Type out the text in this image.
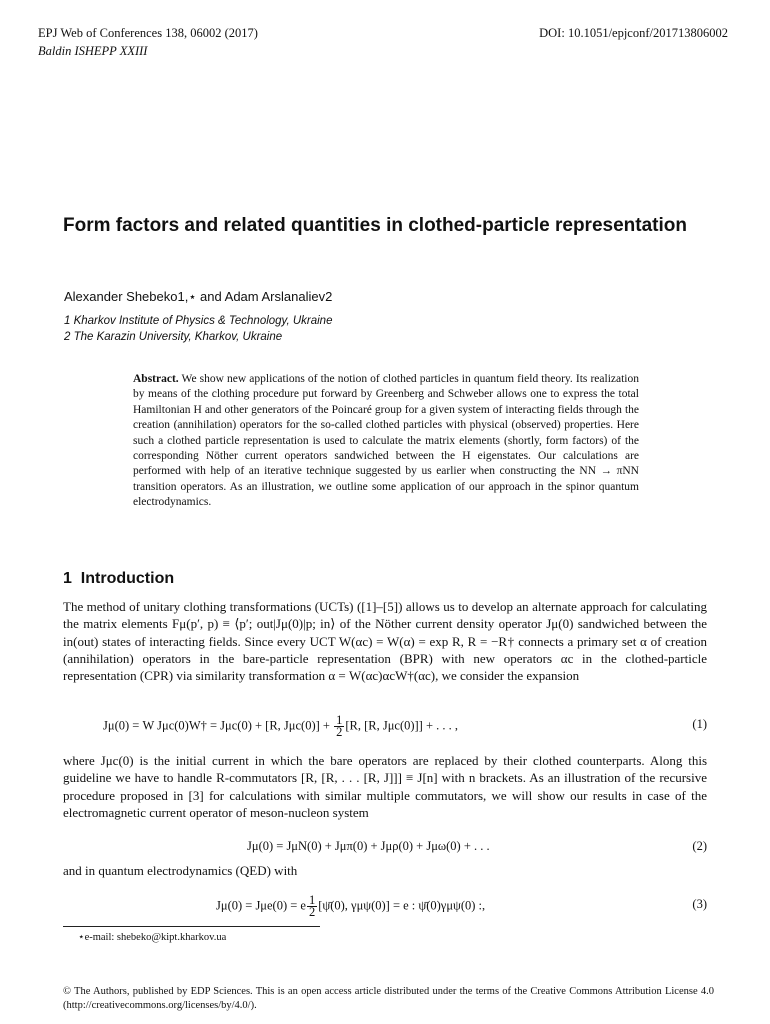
EPJ Web of Conferences 138, 06002 (2017)	DOI: 10.1051/epjconf/201713806002
Baldin ISHEPP XXIII
Form factors and related quantities in clothed-particle representation
Alexander Shebeko1,⋆ and Adam Arslanaliev2
1 Kharkov Institute of Physics & Technology, Ukraine
2 The Karazin University, Kharkov, Ukraine
Abstract. We show new applications of the notion of clothed particles in quantum field theory. Its realization by means of the clothing procedure put forward by Greenberg and Schweber allows one to express the total Hamiltonian H and other generators of the Poincaré group for a given system of interacting fields through the creation (annihilation) operators for the so-called clothed particles with physical (observed) properties. Here such a clothed particle representation is used to calculate the matrix elements (shortly, form factors) of the corresponding Nöther current operators sandwiched between the H eigenstates. Our calculations are performed with help of an iterative technique suggested by us earlier when constructing the NN → πNN transition operators. As an illustration, we outline some application of our approach in the spinor quantum electrodynamics.
1 Introduction
The method of unitary clothing transformations (UCTs) ([1]–[5]) allows us to develop an alternate approach for calculating the matrix elements Fμ(p′, p) ≡ ⟨p′; out|Jμ(0)|p; in⟩ of the Nöther current density operator Jμ(0) sandwiched between the in(out) states of interacting fields. Since every UCT W(αc) = W(α) = exp R, R = −R† connects a primary set α of creation (annihilation) operators in the bare-particle representation (BPR) with new operators αc in the clothed-particle representation (CPR) via similarity transformation α = W(αc)αcW†(αc), we consider the expansion
Jμ(0) = W Jμc(0)W† = Jμc(0) + [R, $J\mu c(0)] + \frac{1}{2} [R$, [R, Jμc(0)]] + . . . ,	(1)
where Jμc(0) is the initial current in which the bare operators are replaced by their clothed counterparts. Along this guideline we have to handle R-commutators [R, [R, . . . [R, J]]] ≡ J[n] with n brackets. As an illustration of the recursive procedure proposed in [3] for calculations with similar multiple commutators, we will show our results in case of the electromagnetic current operator of meson-nucleon system
Jμ(0) = JμN(0) + Jμπ(0) + Jμρ(0) + Jμω(0) + . . .	(2)
and in quantum electrodynamics (QED) with
Jμ(0) = Jμe(0) = e $\frac{1}{2}$ [ψ̄(0), γμψ(0)] = e : ψ̄(0)γμψ(0) :,	(3)
⋆e-mail: shebeko@kipt.kharkov.ua
© The Authors, published by EDP Sciences. This is an open access article distributed under the terms of the Creative Commons Attribution License 4.0 (http://creativecommons.org/licenses/by/4.0/).
